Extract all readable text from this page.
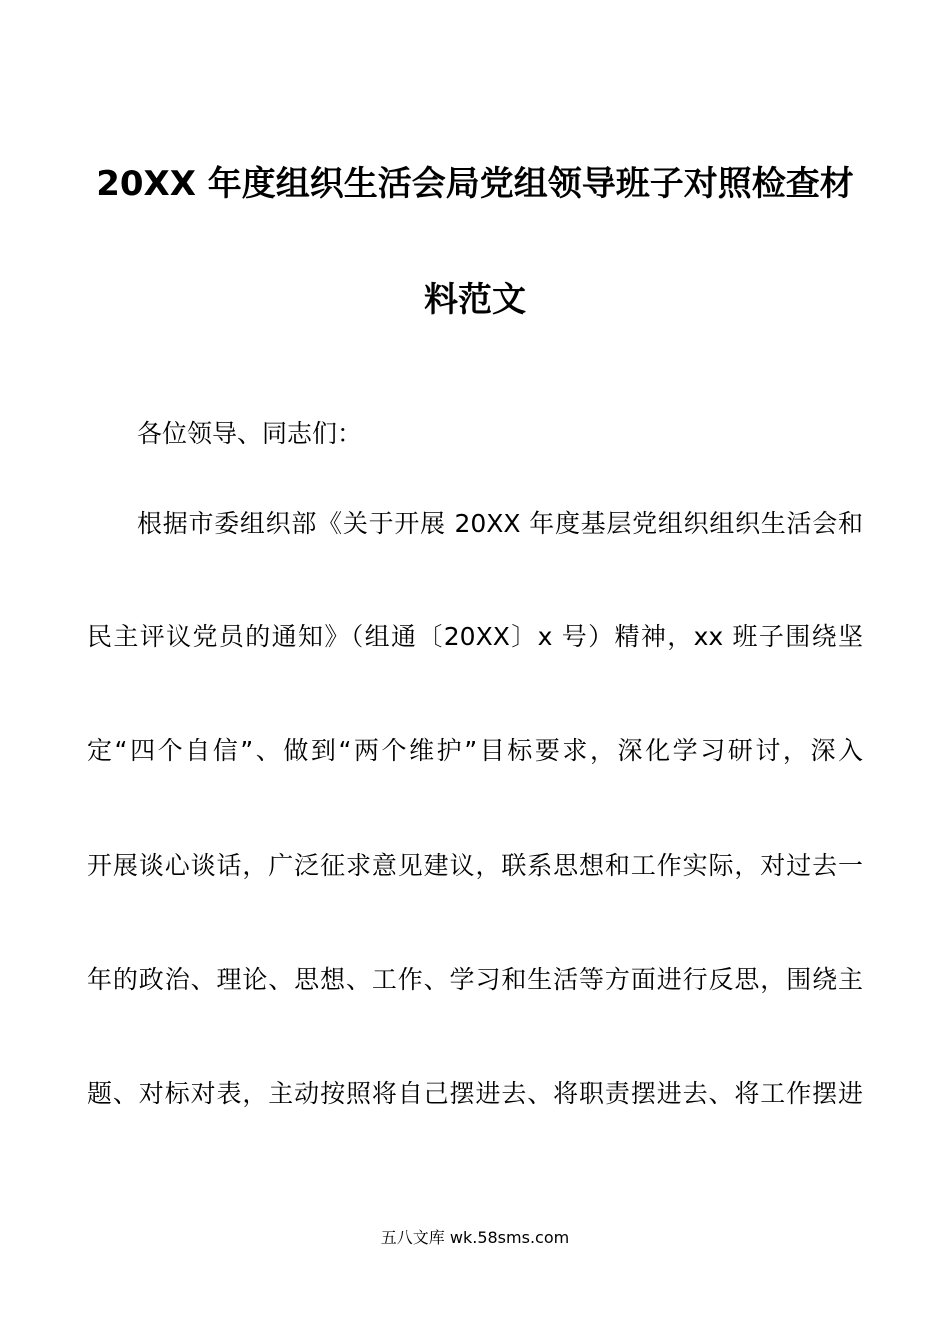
20XX 年度组织生活会局党组领导班子对照检查材
料范文
各位领导、同志们：
根据市委组织部《关于开展 20XX 年度基层党组织组织生活会和
民主评议党员的通知》（组通〔20XX〕x 号）精神，xx 班子围绕坚
定“四个自信”、做到“两个维护”目标要求，深化学习研讨，深入
开展谈心谈话，广泛征求意见建议，联系思想和工作实际，对过去一
年的政治、理论、思想、工作、学习和生活等方面进行反思，围绕主
题、对标对表，主动按照将自己摆进去、将职责摆进去、将工作摆进
五八文库 wk.58sms.com
